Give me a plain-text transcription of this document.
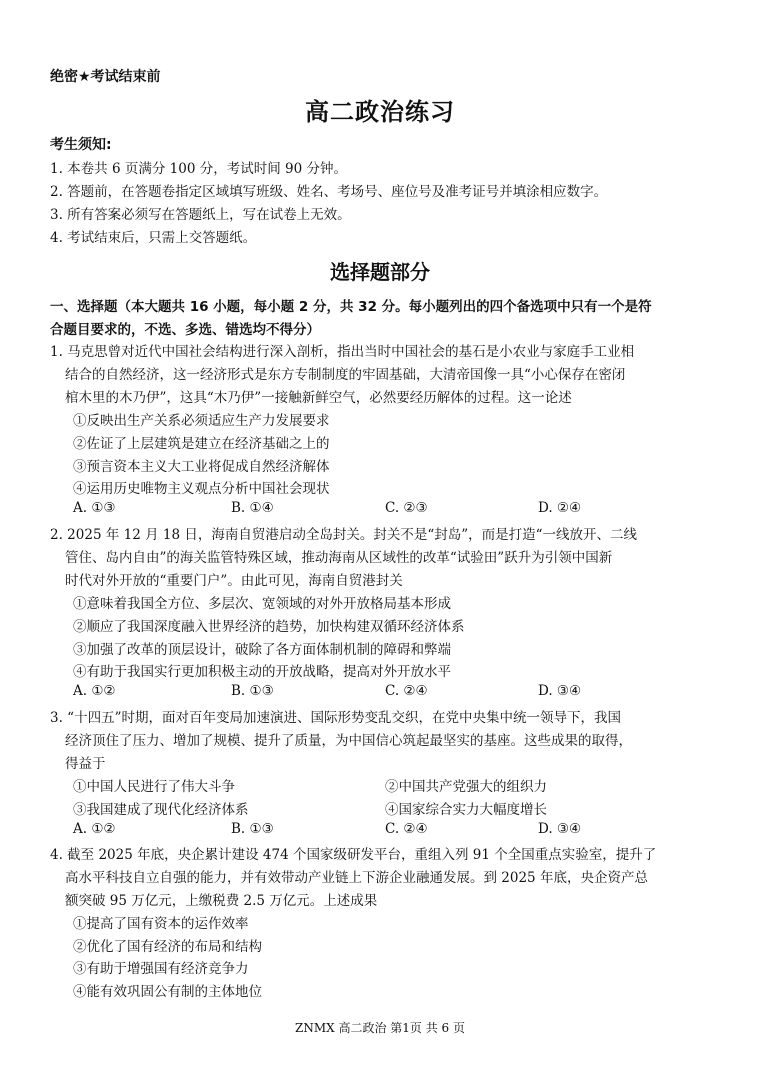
绝密★考试结束前
高二政治练习
考生须知:
1. 本卷共 6 页满分 100 分，考试时间 90 分钟。
2. 答题前，在答题卷指定区域填写班级、姓名、考场号、座位号及准考证号并填涂相应数字。
3. 所有答案必须写在答题纸上，写在试卷上无效。
4. 考试结束后，只需上交答题纸。
选择题部分
一、选择题（本大题共 16 小题，每小题 2 分，共 32 分。每小题列出的四个备选项中只有一个是符
合题目要求的，不选、多选、错选均不得分）
1. 马克思曾对近代中国社会结构进行深入剖析，指出当时中国社会的基石是小农业与家庭手工业相
结合的自然经济，这一经济形式是东方专制制度的牢固基础，大清帝国像一具“小心保存在密闭
棺木里的木乃伊”，这具“木乃伊”一接触新鲜空气，必然要经历解体的过程。这一论述
①反映出生产关系必须适应生产力发展要求
②佐证了上层建筑是建立在经济基础之上的
③预言资本主义大工业将促成自然经济解体
④运用历史唯物主义观点分析中国社会现状
A. ①③	B. ①④	C. ②③	D. ②④
2. 2025 年 12 月 18 日，海南自贸港启动全岛封关。封关不是“封岛”，而是打造“一线放开、二线
管住、岛内自由”的海关监管特殊区域，推动海南从区域性的改革“试验田”跃升为引领中国新
时代对外开放的“重要门户”。由此可见，海南自贸港封关
①意味着我国全方位、多层次、宽领域的对外开放格局基本形成
②顺应了我国深度融入世界经济的趋势，加快构建双循环经济体系
③加强了改革的顶层设计，破除了各方面体制机制的障碍和弊端
④有助于我国实行更加积极主动的开放战略，提高对外开放水平
A. ①②	B. ①③	C. ②④	D. ③④
3. “十四五”时期，面对百年变局加速演进、国际形势变乱交织，在党中央集中统一领导下，我国
经济顶住了压力、增加了规模、提升了质量，为中国信心筑起最坚实的基座。这些成果的取得，
得益于
①中国人民进行了伟大斗争	②中国共产党强大的组织力
③我国建成了现代化经济体系	④国家综合实力大幅度增长
A. ①②	B. ①③	C. ②④	D. ③④
4. 截至 2025 年底，央企累计建设 474 个国家级研发平台，重组入列 91 个全国重点实验室，提升了
高水平科技自立自强的能力，并有效带动产业链上下游企业融通发展。到 2025 年底，央企资产总
额突破 95 万亿元，上缴税费 2.5 万亿元。上述成果
①提高了国有资本的运作效率
②优化了国有经济的布局和结构
③有助于增强国有经济竞争力
④能有效巩固公有制的主体地位
ZNMX 高二政治 第1页 共 6 页
